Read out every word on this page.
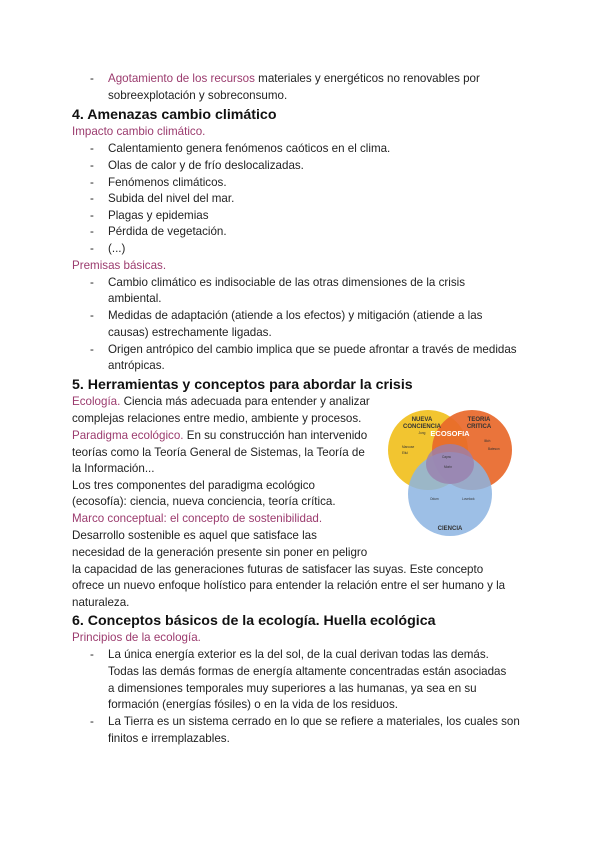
- Agotamiento de los recursos materiales y energéticos no renovables por
sobreexplotación y sobreconsumo.
4. Amenazas cambio climático
Impacto cambio climático.
- Calentamiento genera fenómenos caóticos en el clima.
- Olas de calor y de frío deslocalizadas.
- Fenómenos climáticos.
- Subida del nivel del mar.
- Plagas y epidemias
- Pérdida de vegetación.
- (...)
Premisas básicas.
- Cambio climático es indisociable de las otras dimensiones de la crisis
ambiental.
- Medidas de adaptación (atiende a los efectos) y mitigación (atiende a las
causas) estrechamente ligadas.
- Origen antrópico del cambio implica que se puede afrontar a través de medidas
antrópicas.
5. Herramientas y conceptos para abordar la crisis
Ecología. Ciencia más adecuada para entender y analizar
complejas relaciones entre medio, ambiente y procesos.
Paradigma ecológico. En su construcción han intervenido
teorías como la Teoría General de Sistemas, la Teoría de
la Información...
Los tres componentes del paradigma ecológico
(ecosofía): ciencia, nueva conciencia, teoría crítica.
Marco conceptual: el concepto de sostenibilidad.
Desarrollo sostenible es aquel que satisface las
necesidad de la generación presente sin poner en peligro
la capacidad de las generaciones futuras de satisfacer las suyas. Este concepto
ofrece un nuevo enfoque holístico para entender la relación entre el ser humano y la
naturaleza.
NUEVA
CONCIENCIA
TEORIA
CRITICA
ECOSOFIA
CIENCIA
Jung
Marcuse
Ellul
Illich
Bateson
Capra
Morin
Odum	Lovelock
6. Conceptos básicos de la ecología. Huella ecológica
Principios de la ecología.
- La única energía exterior es la del sol, de la cual derivan todas las demás.
Todas las demás formas de energía altamente concentradas están asociadas
a dimensiones temporales muy superiores a las humanas, ya sea en su
formación (energías fósiles) o en la vida de los residuos.
- La Tierra es un sistema cerrado en lo que se refiere a materiales, los cuales son
finitos e irremplazables.
